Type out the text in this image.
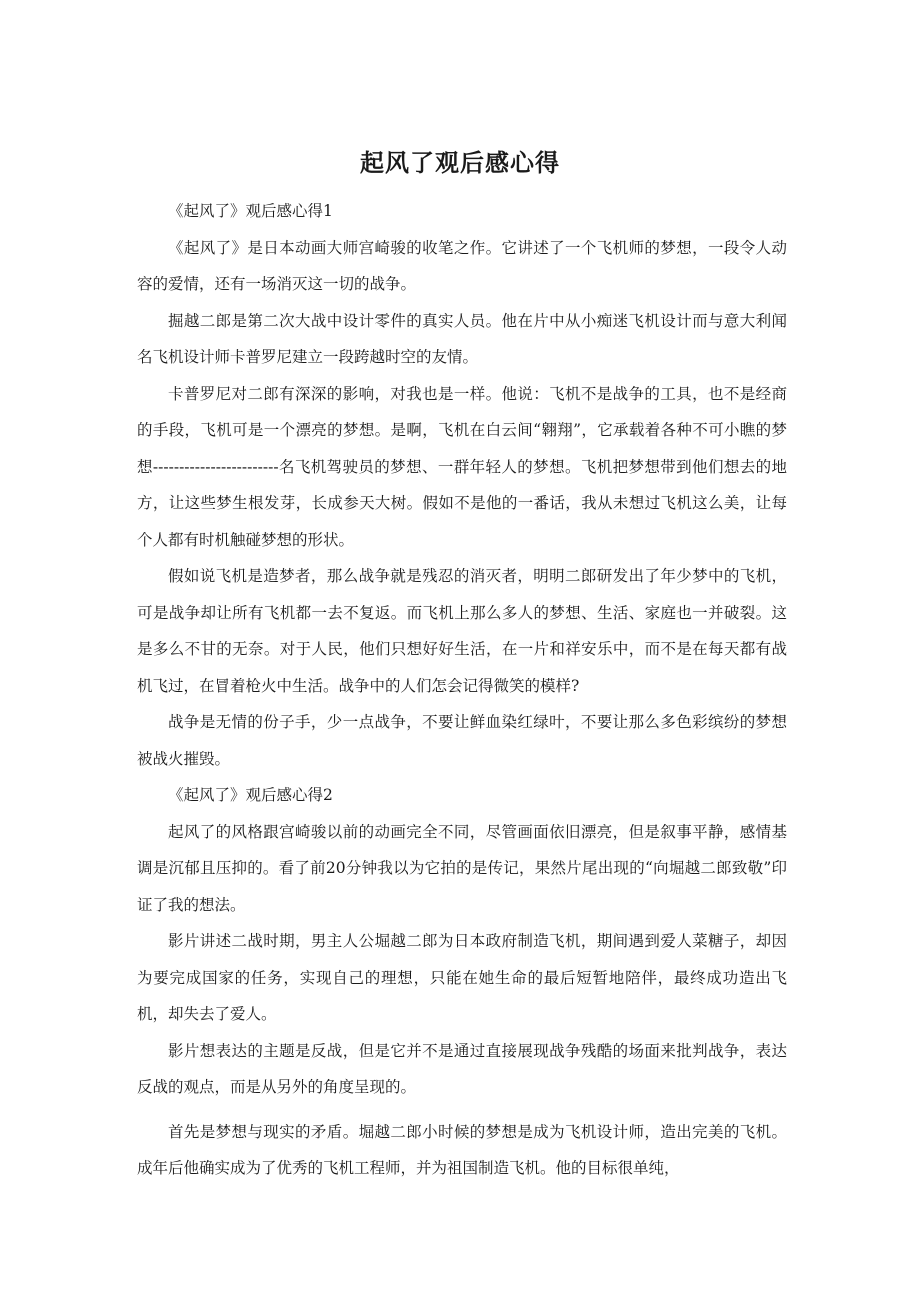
起风了观后感心得

《起风了》观后感心得1

《起风了》是日本动画大师宫崎骏的收笔之作。它讲述了一个飞机师的梦想，一段令人动容的爱情，还有一场消灭这一切的战争。

掘越二郎是第二次大战中设计零件的真实人员。他在片中从小痴迷飞机设计而与意大利闻名飞机设计师卡普罗尼建立一段跨越时空的友情。

卡普罗尼对二郎有深深的影响，对我也是一样。他说：飞机不是战争的工具，也不是经商的手段，飞机可是一个漂亮的梦想。是啊，飞机在白云间“翱翔”，它承载着各种不可小瞧的梦想------------------------名飞机驾驶员的梦想、一群年轻人的梦想。飞机把梦想带到他们想去的地方，让这些梦生根发芽，长成参天大树。假如不是他的一番话，我从未想过飞机这么美，让每个人都有时机触碰梦想的形状。

假如说飞机是造梦者，那么战争就是残忍的消灭者，明明二郎研发出了年少梦中的飞机，可是战争却让所有飞机都一去不复返。而飞机上那么多人的梦想、生活、家庭也一并破裂。这是多么不甘的无奈。对于人民，他们只想好好生活，在一片和祥安乐中，而不是在每天都有战机飞过，在冒着枪火中生活。战争中的人们怎会记得微笑的模样?

战争是无情的份子手，少一点战争，不要让鲜血染红绿叶，不要让那么多色彩缤纷的梦想被战火摧毁。

《起风了》观后感心得2

起风了的风格跟宫崎骏以前的动画完全不同，尽管画面依旧漂亮，但是叙事平静，感情基调是沉郁且压抑的。看了前20分钟我以为它拍的是传记，果然片尾出现的“向堀越二郎致敬”印证了我的想法。

影片讲述二战时期，男主人公堀越二郎为日本政府制造飞机，期间遇到爱人菜糖子，却因为要完成国家的任务，实现自己的理想，只能在她生命的最后短暂地陪伴，最终成功造出飞机，却失去了爱人。

影片想表达的主题是反战，但是它并不是通过直接展现战争残酷的场面来批判战争，表达反战的观点，而是从另外的角度呈现的。

首先是梦想与现实的矛盾。堀越二郎小时候的梦想是成为飞机设计师，造出完美的飞机。成年后他确实成为了优秀的飞机工程师，并为祖国制造飞机。他的目标很单纯，
